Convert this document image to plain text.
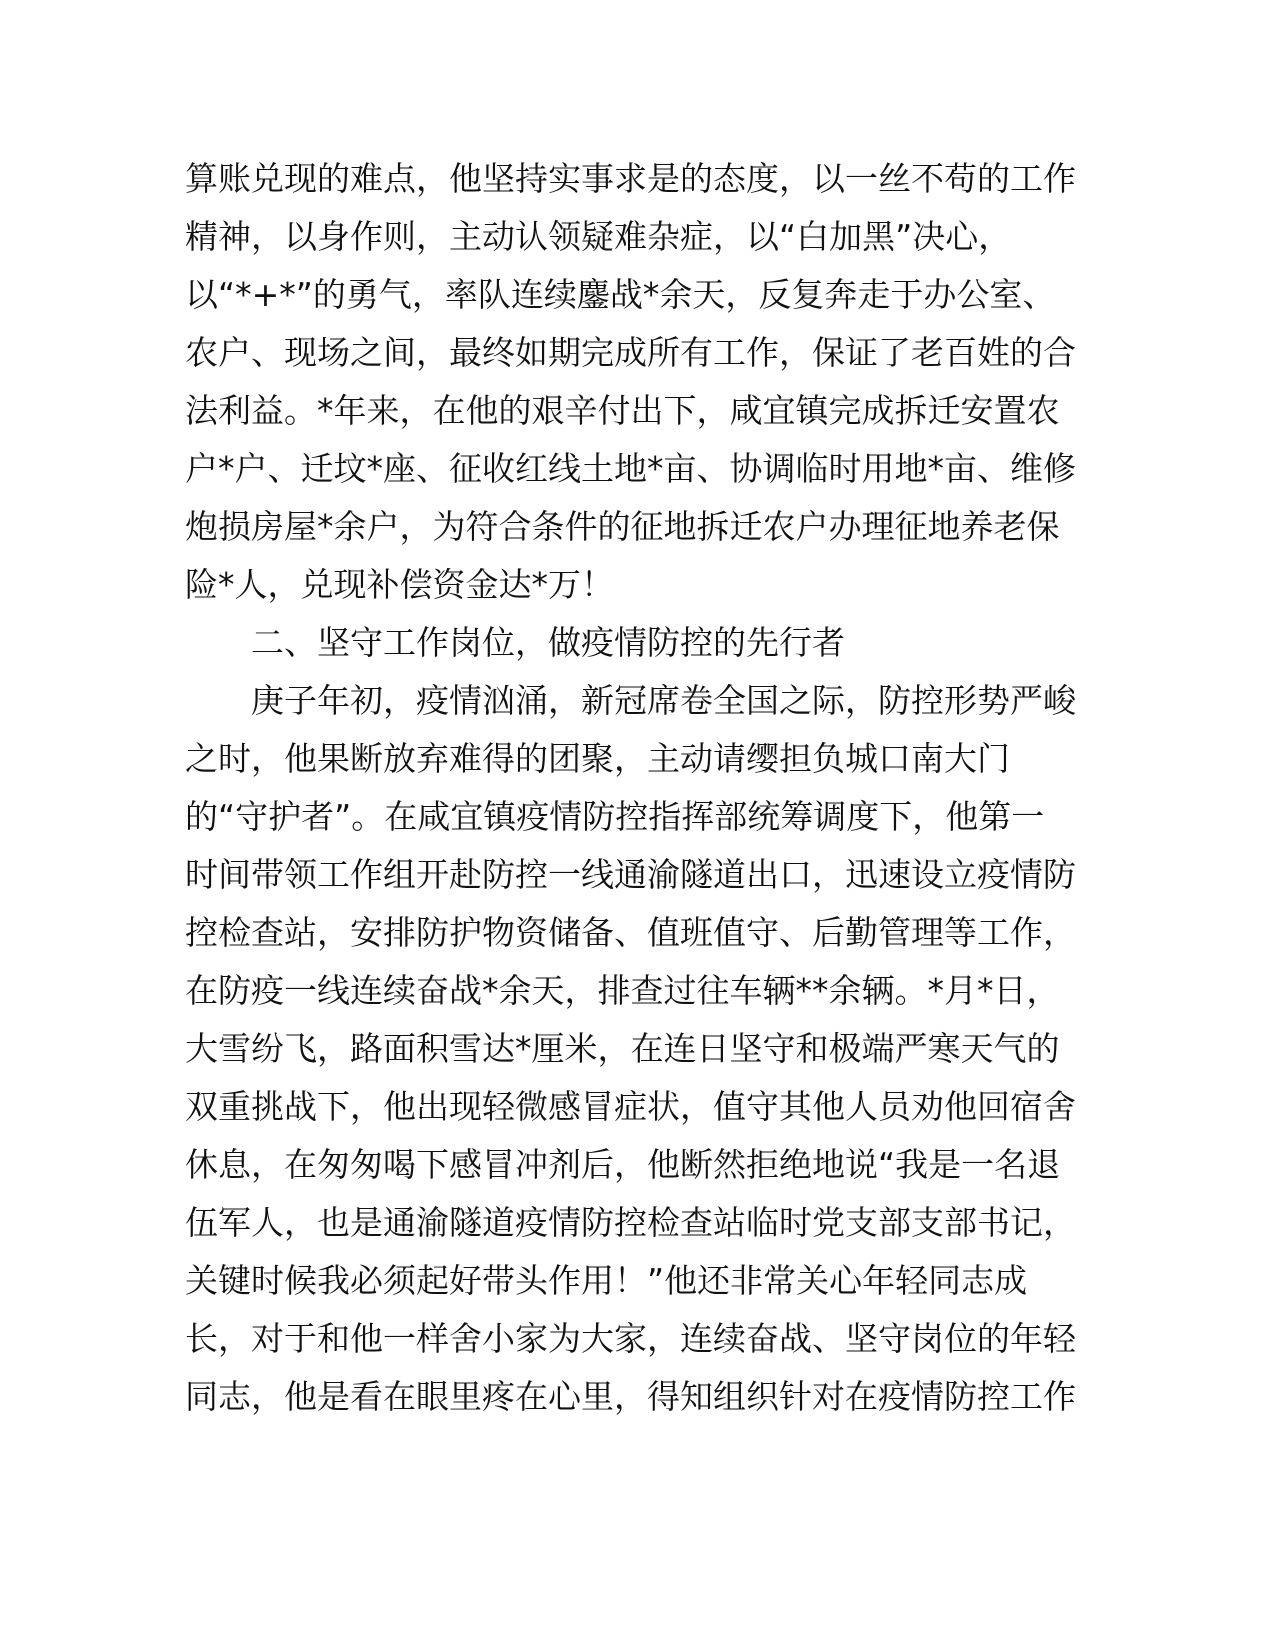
算账兑现的难点，他坚持实事求是的态度，以一丝不苟的工作
精神，以身作则，主动认领疑难杂症，以“白加黑”决心，
以“*+*”的勇气，率队连续鏖战*余天，反复奔走于办公室、
农户、现场之间，最终如期完成所有工作，保证了老百姓的合
法利益。*年来，在他的艰辛付出下，咸宜镇完成拆迁安置农
户*户、迁坟*座、征收红线土地*亩、协调临时用地*亩、维修
炮损房屋*余户，为符合条件的征地拆迁农户办理征地养老保
险*人，兑现补偿资金达*万！
二、坚守工作岗位，做疫情防控的先行者
庚子年初，疫情汹涌，新冠席卷全国之际，防控形势严峻
之时，他果断放弃难得的团聚，主动请缨担负城口南大门
的“守护者”。在咸宜镇疫情防控指挥部统筹调度下，他第一
时间带领工作组开赴防控一线通渝隧道出口，迅速设立疫情防
控检查站，安排防护物资储备、值班值守、后勤管理等工作，
在防疫一线连续奋战*余天，排查过往车辆**余辆。*月*日，
大雪纷飞，路面积雪达*厘米，在连日坚守和极端严寒天气的
双重挑战下，他出现轻微感冒症状，值守其他人员劝他回宿舍
休息，在匆匆喝下感冒冲剂后，他断然拒绝地说“我是一名退
伍军人，也是通渝隧道疫情防控检查站临时党支部支部书记，
关键时候我必须起好带头作用！”他还非常关心年轻同志成
长，对于和他一样舍小家为大家，连续奋战、坚守岗位的年轻
同志，他是看在眼里疼在心里，得知组织针对在疫情防控工作
